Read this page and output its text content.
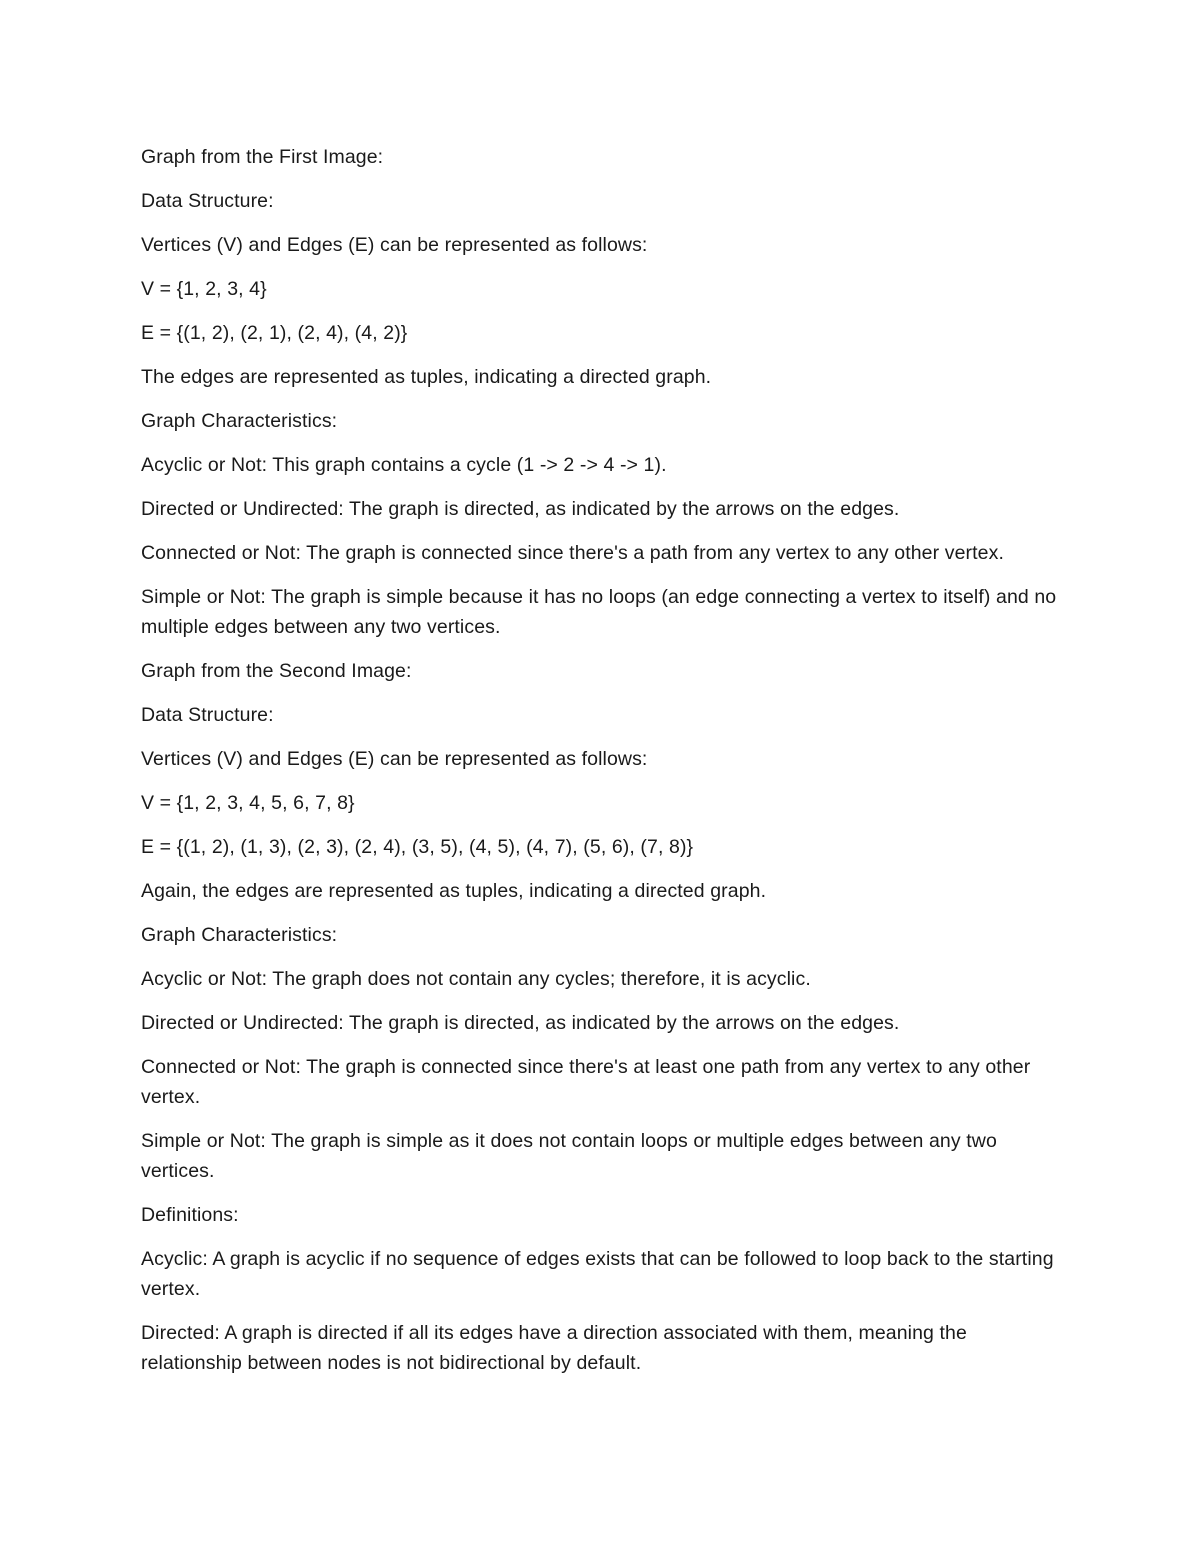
Graph from the First Image:

Data Structure:

Vertices (V) and Edges (E) can be represented as follows:

V = {1, 2, 3, 4}

E = {(1, 2), (2, 1), (2, 4), (4, 2)}

The edges are represented as tuples, indicating a directed graph.

Graph Characteristics:

Acyclic or Not: This graph contains a cycle (1 -> 2 -> 4 -> 1).

Directed or Undirected: The graph is directed, as indicated by the arrows on the edges.

Connected or Not: The graph is connected since there's a path from any vertex to any other vertex.

Simple or Not: The graph is simple because it has no loops (an edge connecting a vertex to itself) and no multiple edges between any two vertices.

Graph from the Second Image:

Data Structure:

Vertices (V) and Edges (E) can be represented as follows:

V = {1, 2, 3, 4, 5, 6, 7, 8}

E = {(1, 2), (1, 3), (2, 3), (2, 4), (3, 5), (4, 5), (4, 7), (5, 6), (7, 8)}

Again, the edges are represented as tuples, indicating a directed graph.

Graph Characteristics:

Acyclic or Not: The graph does not contain any cycles; therefore, it is acyclic.

Directed or Undirected: The graph is directed, as indicated by the arrows on the edges.

Connected or Not: The graph is connected since there's at least one path from any vertex to any other vertex.

Simple or Not: The graph is simple as it does not contain loops or multiple edges between any two vertices.

Definitions:

Acyclic: A graph is acyclic if no sequence of edges exists that can be followed to loop back to the starting vertex.

Directed: A graph is directed if all its edges have a direction associated with them, meaning the relationship between nodes is not bidirectional by default.
